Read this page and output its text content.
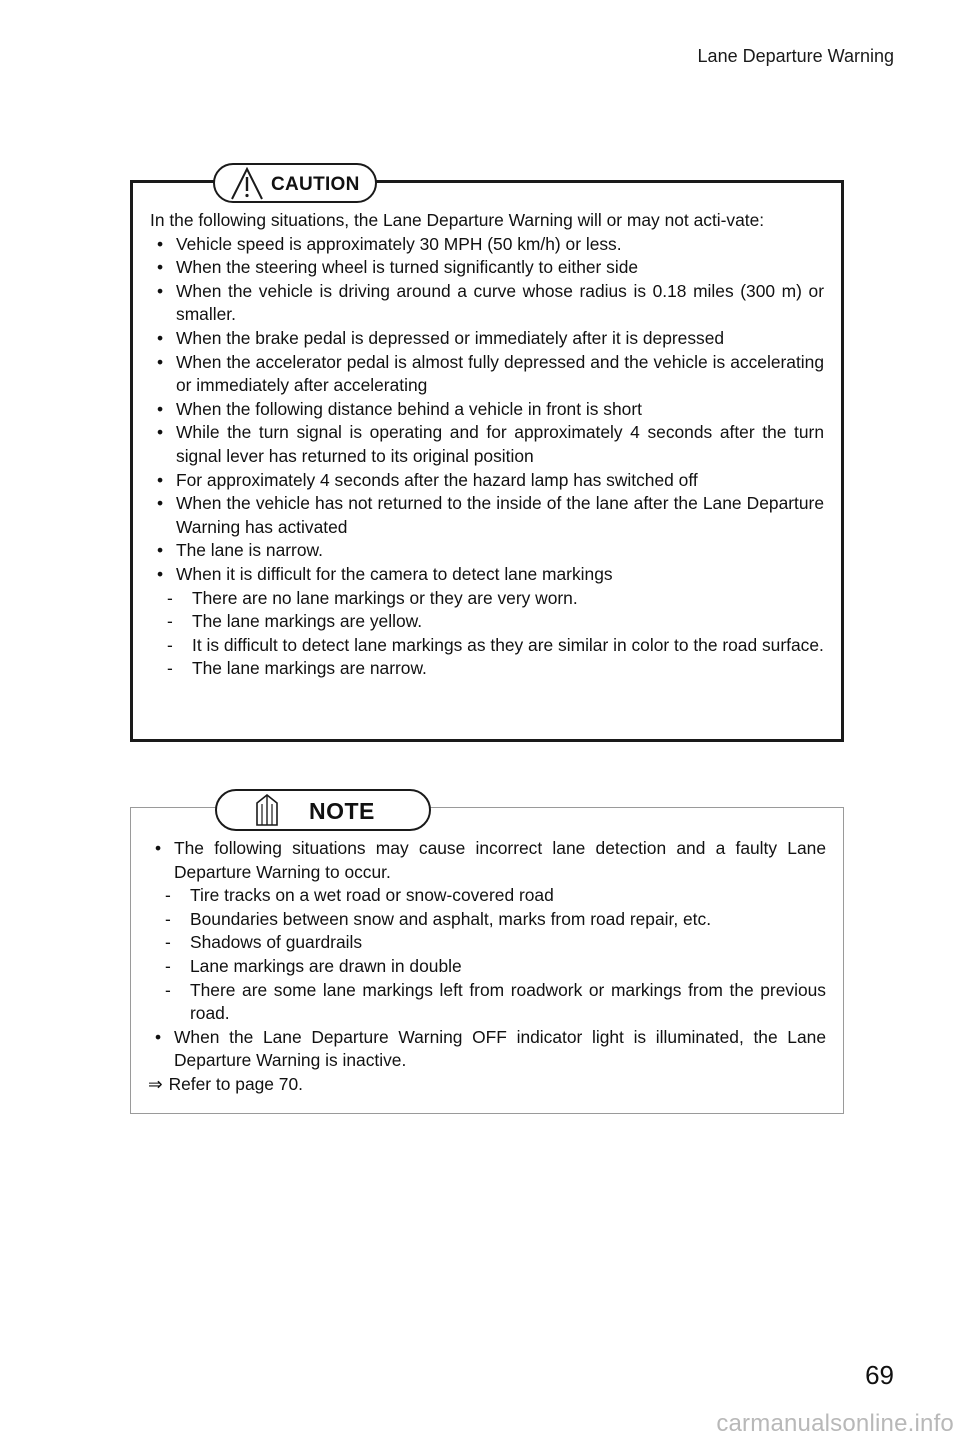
Lane Departure Warning
CAUTION

In the following situations, the Lane Departure Warning will or may not acti-vate:

• Vehicle speed is approximately 30 MPH (50 km/h) or less.
• When the steering wheel is turned significantly to either side
• When the vehicle is driving around a curve whose radius is 0.18 miles (300 m) or smaller.
• When the brake pedal is depressed or immediately after it is depressed
• When the accelerator pedal is almost fully depressed and the vehicle is accelerating or immediately after accelerating
• When the following distance behind a vehicle in front is short
• While the turn signal is operating and for approximately 4 seconds after the turn signal lever has returned to its original position
• For approximately 4 seconds after the hazard lamp has switched off
• When the vehicle has not returned to the inside of the lane after the Lane Departure Warning has activated
• The lane is narrow.
• When it is difficult for the camera to detect lane markings
- There are no lane markings or they are very worn.
- The lane markings are yellow.
- It is difficult to detect lane markings as they are similar in color to the road surface.
- The lane markings are narrow.
NOTE
• The following situations may cause incorrect lane detection and a faulty Lane Departure Warning to occur.
- Tire tracks on a wet road or snow-covered road
- Boundaries between snow and asphalt, marks from road repair, etc.
- Shadows of guardrails
- Lane markings are drawn in double
- There are some lane markings left from roadwork or markings from the previous road.
• When the Lane Departure Warning OFF indicator light is illuminated, the Lane Departure Warning is inactive.
⇒ Refer to page 70.
69
carmanualsonline.info
